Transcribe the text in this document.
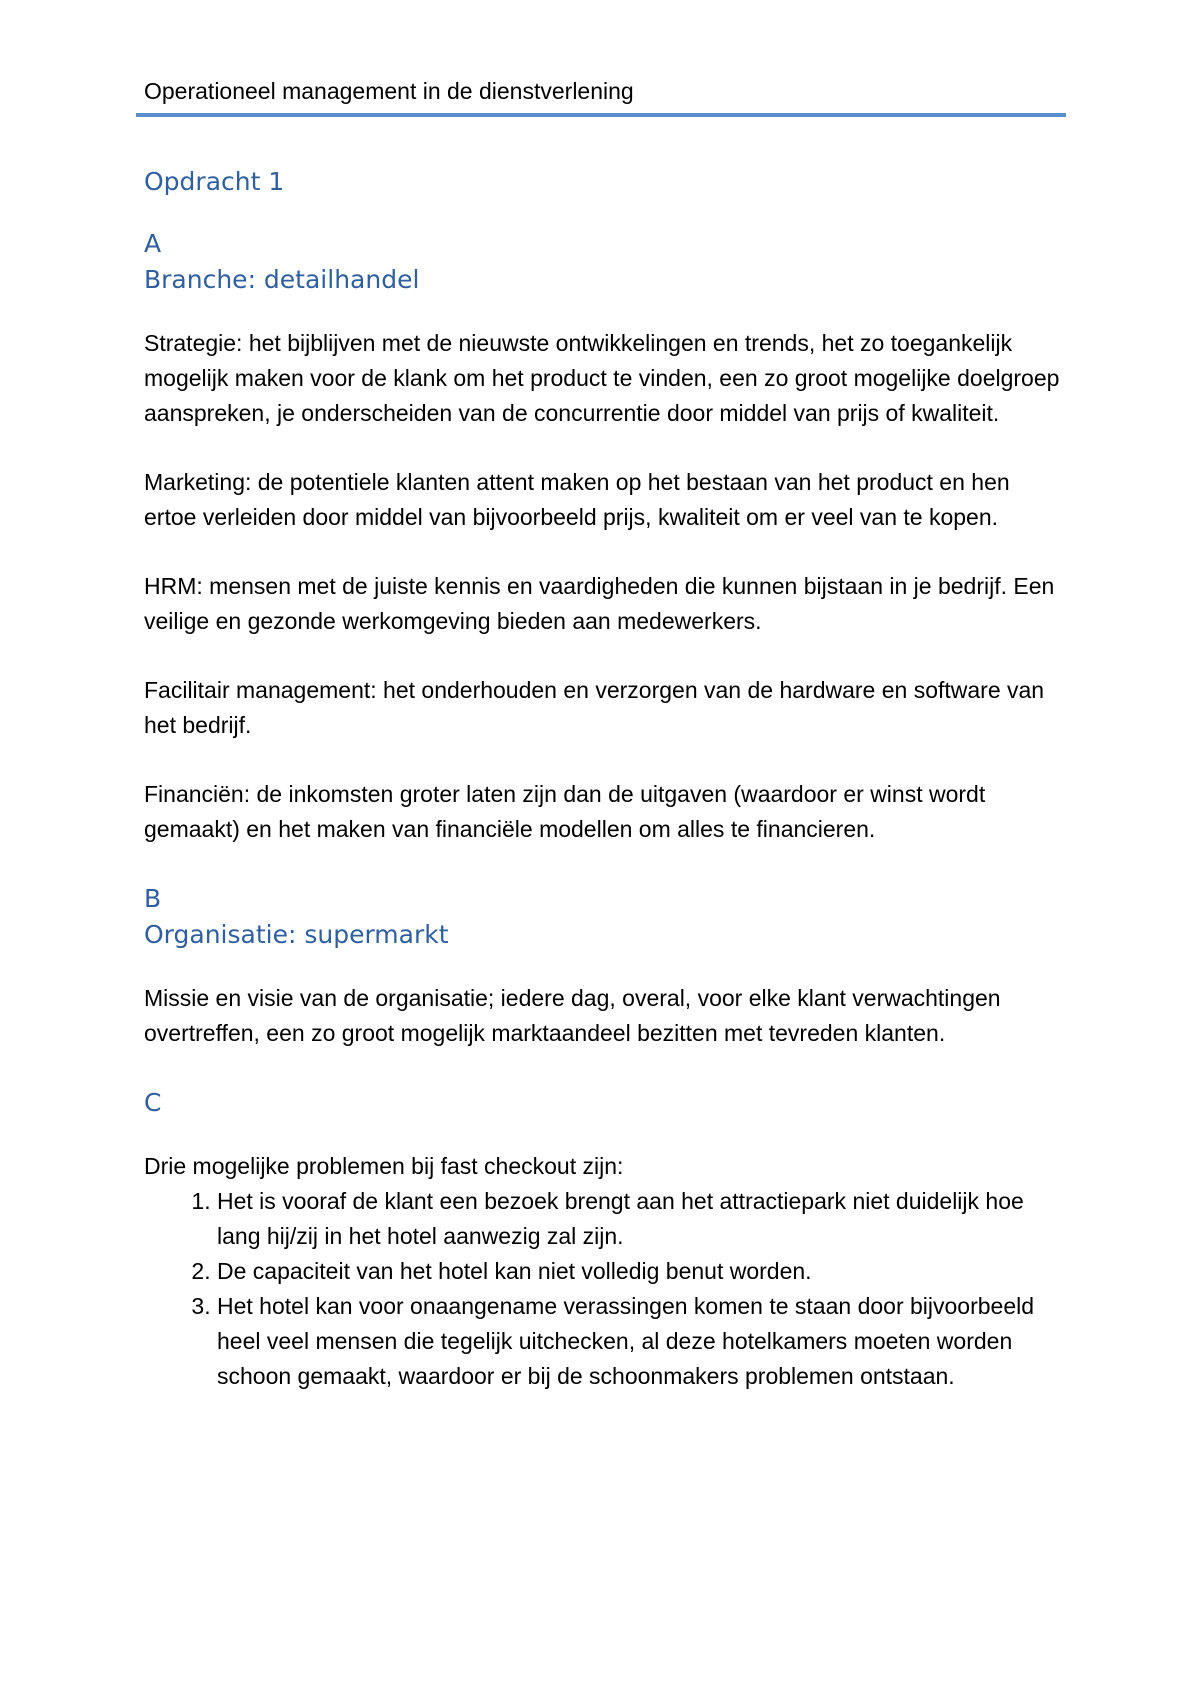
Operationeel management in de dienstverlening
Opdracht 1
A
Branche: detailhandel

Strategie: het bijblijven met de nieuwste ontwikkelingen en trends, het zo toegankelijk mogelijk maken voor de klank om het product te vinden, een zo groot mogelijke doelgroep aanspreken, je onderscheiden van de concurrentie door middel van prijs of kwaliteit.

Marketing: de potentiele klanten attent maken op het bestaan van het product en hen ertoe verleiden door middel van bijvoorbeeld prijs, kwaliteit om er veel van te kopen.

HRM: mensen met de juiste kennis en vaardigheden die kunnen bijstaan in je bedrijf. Een veilige en gezonde werkomgeving bieden aan medewerkers.

Facilitair management: het onderhouden en verzorgen van de hardware en software van het bedrijf.

Financiën: de inkomsten groter laten zijn dan de uitgaven (waardoor er winst wordt gemaakt) en het maken van financiële modellen om alles te financieren.

B
Organisatie: supermarkt

Missie en visie van de organisatie; iedere dag, overal, voor elke klant verwachtingen overtreffen, een zo groot mogelijk marktaandeel bezitten met tevreden klanten.

C

Drie mogelijke problemen bij fast checkout zijn:

1. Het is vooraf de klant een bezoek brengt aan het attractiepark niet duidelijk hoe lang hij/zij in het hotel aanwezig zal zijn.
2. De capaciteit van het hotel kan niet volledig benut worden.
3. Het hotel kan voor onaangename verassingen komen te staan door bijvoorbeeld heel veel mensen die tegelijk uitchecken, al deze hotelkamers moeten worden schoon gemaakt, waardoor er bij de schoonmakers problemen ontstaan.
